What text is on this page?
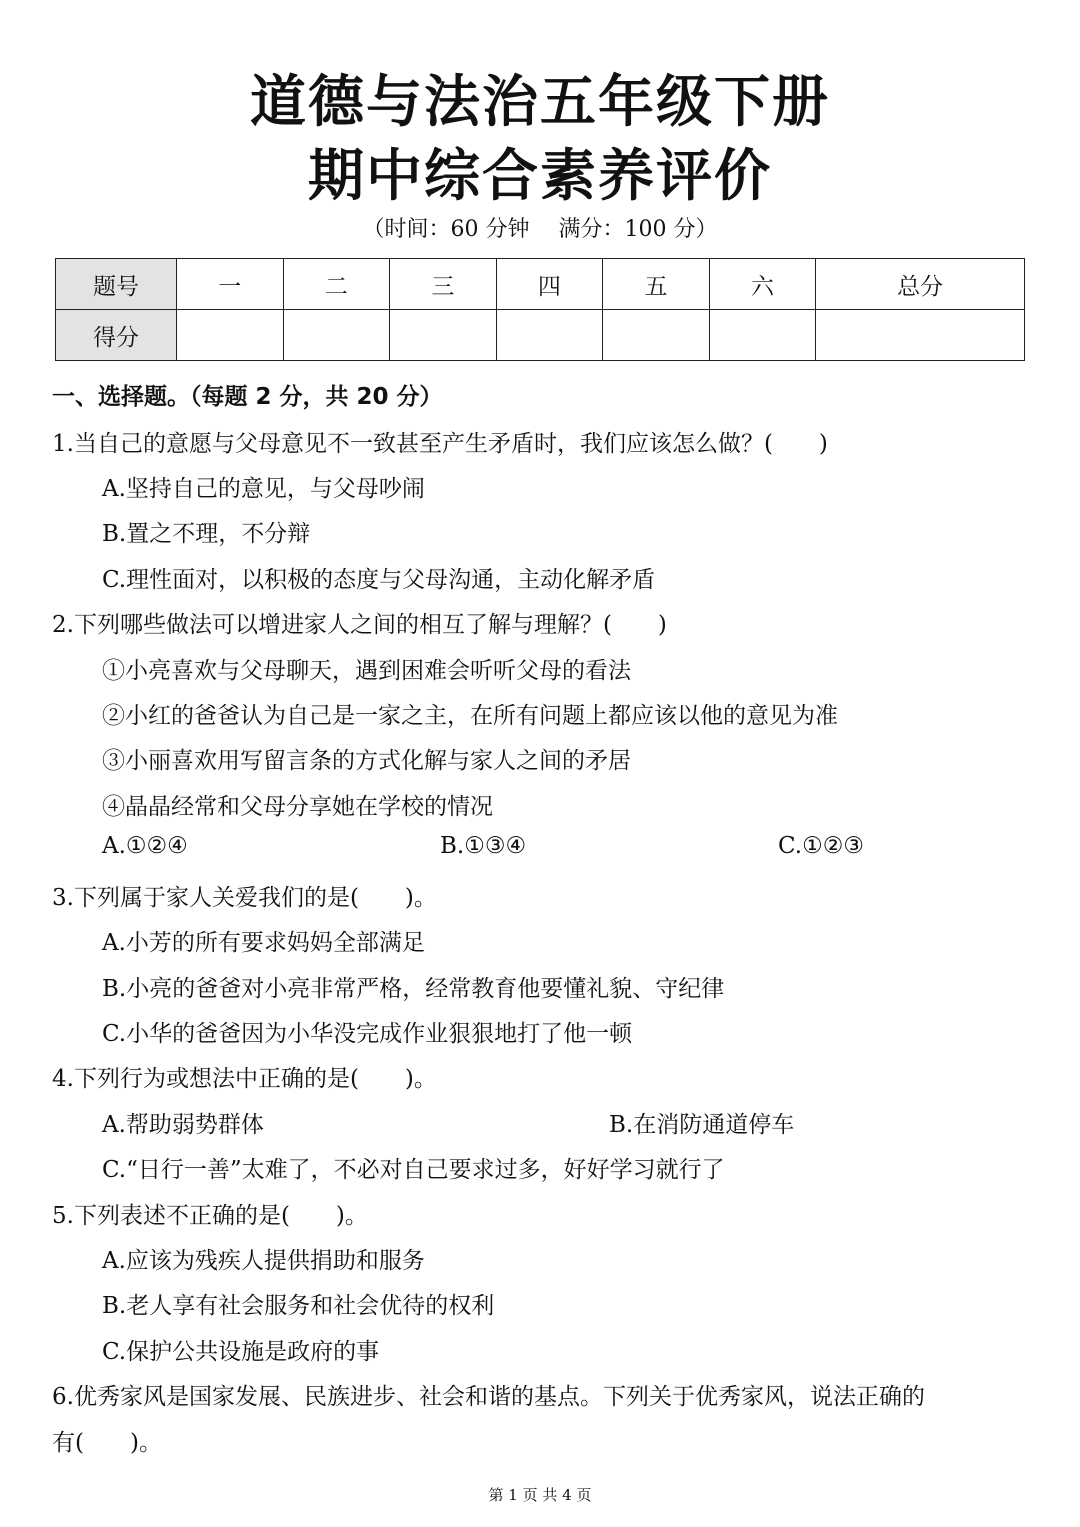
道德与法治五年级下册
期中综合素养评价
（时间：60 分钟　 满分：100 分）
题号	一	二	三	四	五	六	总分
得分							
一、选择题。（每题 2 分，共 20 分）
1.当自己的意愿与父母意见不一致甚至产生矛盾时，我们应该怎么做？(　　)
A.坚持自己的意见，与父母吵闹
B.置之不理，不分辩
C.理性面对，以积极的态度与父母沟通，主动化解矛盾
2.下列哪些做法可以增进家人之间的相互了解与理解？(　　)
①小亮喜欢与父母聊天，遇到困难会听听父母的看法
②小红的爸爸认为自己是一家之主，在所有问题上都应该以他的意见为准
③小丽喜欢用写留言条的方式化解与家人之间的矛居
④晶晶经常和父母分享她在学校的情况
A.①②④	B.①③④	C.①②③
3.下列属于家人关爱我们的是(　　)。
A.小芳的所有要求妈妈全部满足
B.小亮的爸爸对小亮非常严格，经常教育他要懂礼貌、守纪律
C.小华的爸爸因为小华没完成作业狠狠地打了他一顿
4.下列行为或想法中正确的是(　　)。
A.帮助弱势群体	B.在消防通道停车
C.“日行一善”太难了，不必对自己要求过多，好好学习就行了
5.下列表述不正确的是(　　)。
A.应该为残疾人提供捐助和服务
B.老人享有社会服务和社会优待的权利
C.保护公共设施是政府的事
6.优秀家风是国家发展、民族进步、社会和谐的基点。下列关于优秀家风，说法正确的
有(　　)。
第 1 页 共 4 页
